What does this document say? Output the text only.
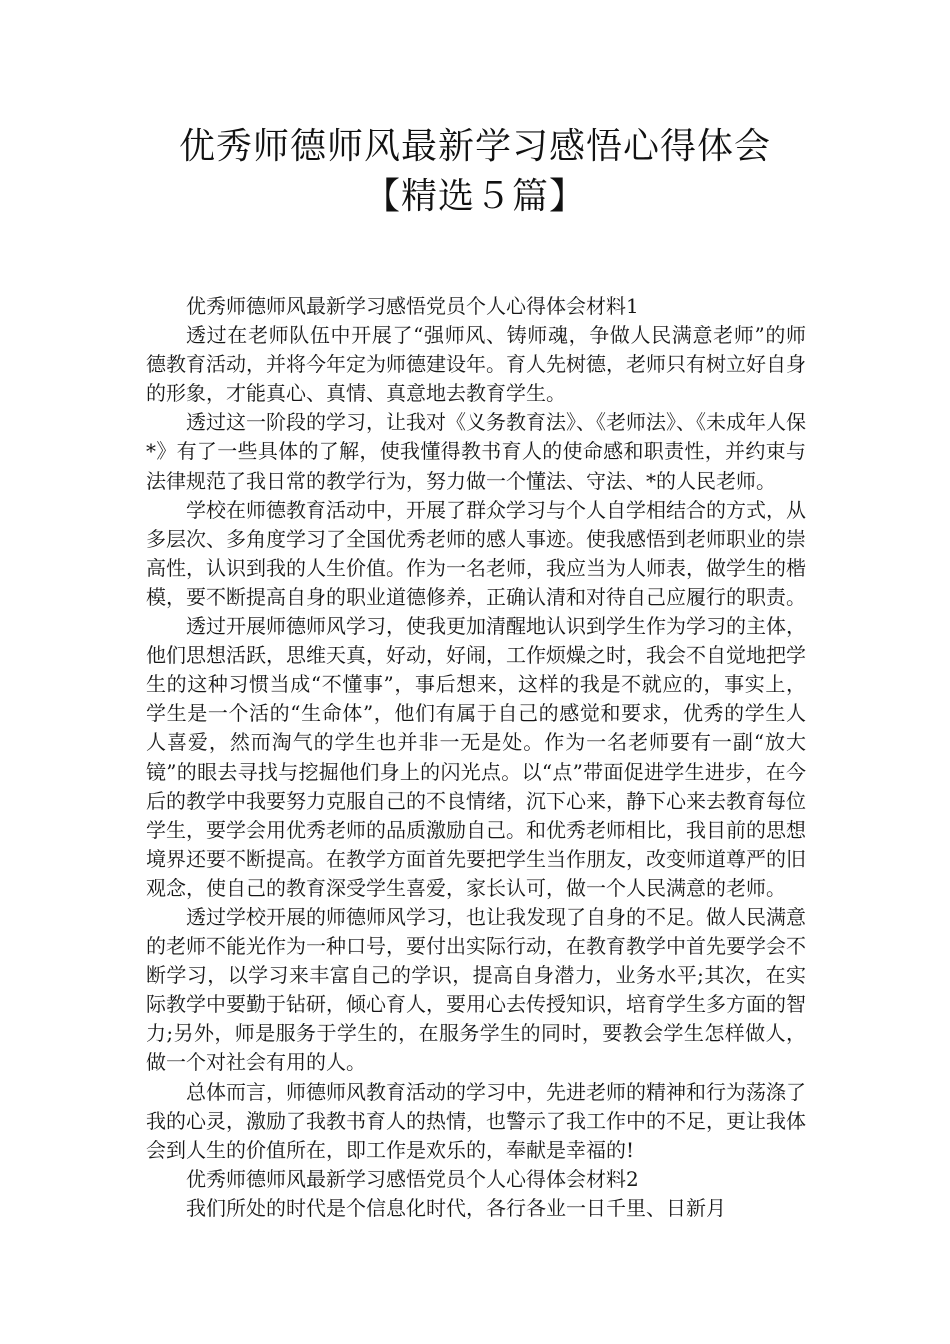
优秀师德师风最新学习感悟心得体会
【精选５篇】

优秀师德师风最新学习感悟党员个人心得体会材料1

透过在老师队伍中开展了“强师风、铸师魂，争做人民满意老师”的师德教育活动，并将今年定为师德建设年。育人先树德，老师只有树立好自身的形象，才能真心、真情、真意地去教育学生。

透过这一阶段的学习，让我对《义务教育法》、《老师法》、《未成年人保*》有了一些具体的了解，使我懂得教书育人的使命感和职责性，并约束与法律规范了我日常的教学行为，努力做一个懂法、守法、*的人民老师。

学校在师德教育活动中，开展了群众学习与个人自学相结合的方式，从多层次、多角度学习了全国优秀老师的感人事迹。使我感悟到老师职业的崇高性，认识到我的人生价值。作为一名老师，我应当为人师表，做学生的楷模，要不断提高自身的职业道德修养，正确认清和对待自己应履行的职责。

透过开展师德师风学习，使我更加清醒地认识到学生作为学习的主体，他们思想活跃，思维天真，好动，好闹，工作烦燥之时，我会不自觉地把学生的这种习惯当成“不懂事”，事后想来，这样的我是不就应的，事实上，学生是一个活的“生命体”，他们有属于自己的感觉和要求，优秀的学生人人喜爱，然而淘气的学生也并非一无是处。作为一名老师要有一副“放大镜”的眼去寻找与挖掘他们身上的闪光点。以“点”带面促进学生进步，在今后的教学中我要努力克服自己的不良情绪，沉下心来，静下心来去教育每位学生，要学会用优秀老师的品质激励自己。和优秀老师相比，我目前的思想境界还要不断提高。在教学方面首先要把学生当作朋友，改变师道尊严的旧观念，使自己的教育深受学生喜爱，家长认可，做一个人民满意的老师。

透过学校开展的师德师风学习，也让我发现了自身的不足。做人民满意的老师不能光作为一种口号，要付出实际行动，在教育教学中首先要学会不断学习，以学习来丰富自己的学识，提高自身潜力，业务水平;其次，在实际教学中要勤于钻研，倾心育人，要用心去传授知识，培育学生多方面的智力;另外，师是服务于学生的，在服务学生的同时，要教会学生怎样做人，做一个对社会有用的人。

总体而言，师德师风教育活动的学习中，先进老师的精神和行为荡涤了我的心灵，激励了我教书育人的热情，也警示了我工作中的不足，更让我体会到人生的价值所在，即工作是欢乐的，奉献是幸福的!

优秀师德师风最新学习感悟党员个人心得体会材料2

我们所处的时代是个信息化时代，各行各业一日千里、日新月
